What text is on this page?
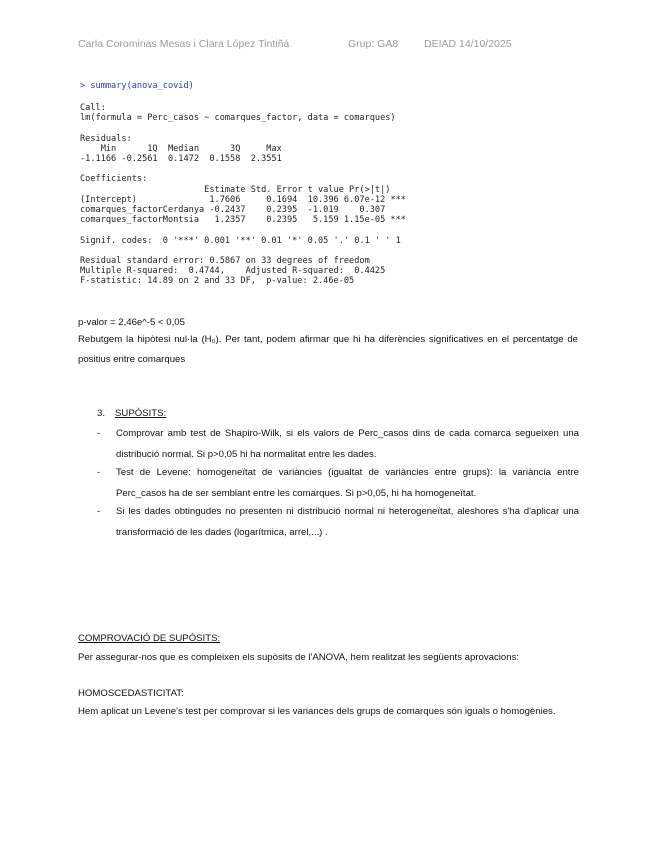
Carla Corominas Mesas i Clara López Tintiñá	Grup: GA8 DEIAD 14/10/2025
> summary(anova_covid)
Call:
lm(formula = Perc_casos ~ comarques_factor, data = comarques)
Residuals:
Min      1Q  Median      3Q     Max
-1.1166 -0.2561  0.1472  0.1558  2.3551
Coefficients:
Estimate Std. Error t value Pr(>|t|)
(Intercept)              1.7606     0.1694  10.396 6.07e-12 ***
comarques_factorCerdanya -0.2437    0.2395  -1.019    0.307
comarques_factorMontsia   1.2357    0.2395   5.159 1.15e-05 ***
Signif. codes:  0 '***' 0.001 '**' 0.01 '*' 0.05 '.' 0.1 ' ' 1
Residual standard error: 0.5867 on 33 degrees of freedom
Multiple R-squared:  0.4744,    Adjusted R-squared:  0.4425
F-statistic: 14.89 on 2 and 33 DF,  p-value: 2.46e-05
p-valor = 2,46e^-5 < 0,05
Rebutgem la hipòtesi nul·la (H₀). Per tant, podem afirmar que hi ha diferències significatives en el percentatge de positius entre comarques
3. SUPÒSITS:
- Comprovar amb test de Shapiro-Wilk, si els valors de Perc_casos dins de cada comarca segueixen una distribució normal. Si p>0,05 hi ha normalitat entre les dades.
- Test de Levene: homogeneïtat de variàncies (igualtat de variàncies entre grups): la variància entre Perc_casos ha de ser semblant entre les comarques. Si p>0,05, hi ha homogeneïtat.
- Si les dades obtingudes no presenten ni distribució normal ni heterogeneïtat, aleshores s'ha d'aplicar una transformació de les dades (logarítmica, arrel,...) .
COMPROVACIÓ DE SUPÒSITS:
Per assegurar-nos que es compleixen els supòsits de l'ANOVA, hem realitzat les següents aprovacions:
HOMOSCEDASTICITAT:
Hem aplicat un Levene's test per comprovar si les variances dels grups de comarques són iguals o homogènies.
